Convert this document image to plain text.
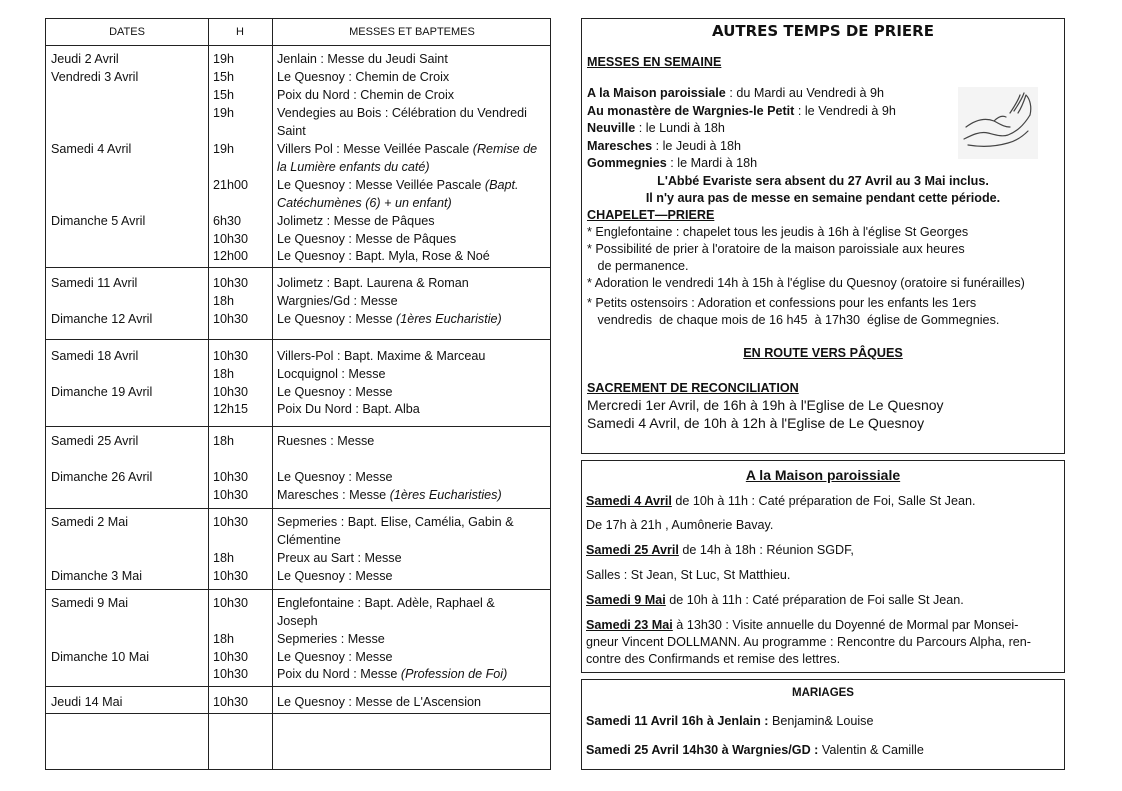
DATES	H	MESSES ET BAPTEMES
Jeudi 2 Avril	19h	Jenlain : Messe du Jeudi Saint
Vendredi 3 Avril	15h	Le Quesnoy : Chemin de Croix
15h	Poix du Nord : Chemin de Croix
19h	Vendegies au Bois : Célébration du Vendredi
Saint
Samedi 4 Avril	19h	Villers Pol : Messe Veillée Pascale (Remise de
la Lumière enfants du caté)
21h00 Le Quesnoy : Messe Veillée Pascale (Bapt.
Catéchumènes (6) + un enfant)
Dimanche 5 Avril	6h30	Jolimetz : Messe de Pâques
10h30 Le Quesnoy : Messe de Pâques
12h00 Le Quesnoy : Bapt. Myla, Rose & Noé
Samedi 11 Avril	10h30 Jolimetz : Bapt. Laurena & Roman
18h	Wargnies/Gd : Messe
Dimanche 12 Avril	10h30 Le Quesnoy : Messe (1ères Eucharistie)
Samedi 18 Avril	10h30 Villers-Pol : Bapt. Maxime & Marceau
18h	Locquignol : Messe
Dimanche 19 Avril	10h30 Le Quesnoy : Messe
12h15 Poix Du Nord : Bapt. Alba
Samedi 25 Avril	18h	Ruesnes : Messe
Dimanche 26 Avril	10h30 Le Quesnoy : Messe
10h30 Maresches : Messe (1ères Eucharisties)
Samedi 2 Mai	10h30 Sepmeries : Bapt. Elise, Camélia, Gabin &
Clémentine
18h	Preux au Sart : Messe
Dimanche 3 Mai	10h30 Le Quesnoy : Messe
Samedi 9 Mai	10h30 Englefontaine : Bapt. Adèle, Raphael &
Joseph
18h	Sepmeries : Messe
Dimanche 10 Mai	10h30 Le Quesnoy : Messe
10h30 Poix du Nord : Messe (Profession de Foi)
Jeudi 14 Mai	10h30 Le Quesnoy : Messe de L'Ascension
AUTRES TEMPS DE PRIERE
MESSES EN SEMAINE
A la Maison paroissiale : du Mardi au Vendredi à 9h
Au monastère de Wargnies-le Petit : le Vendredi à 9h
Neuville : le Lundi à 18h
Maresches : le Jeudi à 18h
Gommegnies : le Mardi à 18h
L'Abbé Evariste sera absent du 27 Avril au 3 Mai inclus.
Il n'y aura pas de messe en semaine pendant cette période.
CHAPELET—PRIERE
* Englefontaine : chapelet tous les jeudis à 16h à l'église St Georges
* Possibilité de prier à l'oratoire de la maison paroissiale aux heures
de permanence.
* Adoration le vendredi 14h à 15h à l'église du Quesnoy (oratoire si funérailles)
* Petits ostensoirs : Adoration et confessions pour les enfants les 1ers
vendredis  de chaque mois de 16 h45  à 17h30  église de Gommegnies.
EN ROUTE VERS PÂQUES
SACREMENT DE RECONCILIATION
Mercredi 1er Avril, de 16h à 19h à l'Eglise de Le Quesnoy
Samedi 4 Avril, de 10h à 12h à l'Eglise de Le Quesnoy
A la Maison paroissiale
Samedi 4 Avril de 10h à 11h : Caté préparation de Foi, Salle St Jean.
De 17h à 21h , Aumônerie Bavay.
Samedi 25 Avril de 14h à 18h : Réunion SGDF,
Salles : St Jean, St Luc, St Matthieu.
Samedi 9 Mai de 10h à 11h : Caté préparation de Foi salle St Jean.
Samedi 23 Mai à 13h30 : Visite annuelle du Doyenné de Mormal par Monsei-
gneur Vincent DOLLMANN. Au programme : Rencontre du Parcours Alpha, ren-
contre des Confirmands et remise des lettres.
MARIAGES
Samedi 11 Avril 16h à Jenlain : Benjamin& Louise
Samedi 25 Avril 14h30 à Wargnies/GD : Valentin & Camille
